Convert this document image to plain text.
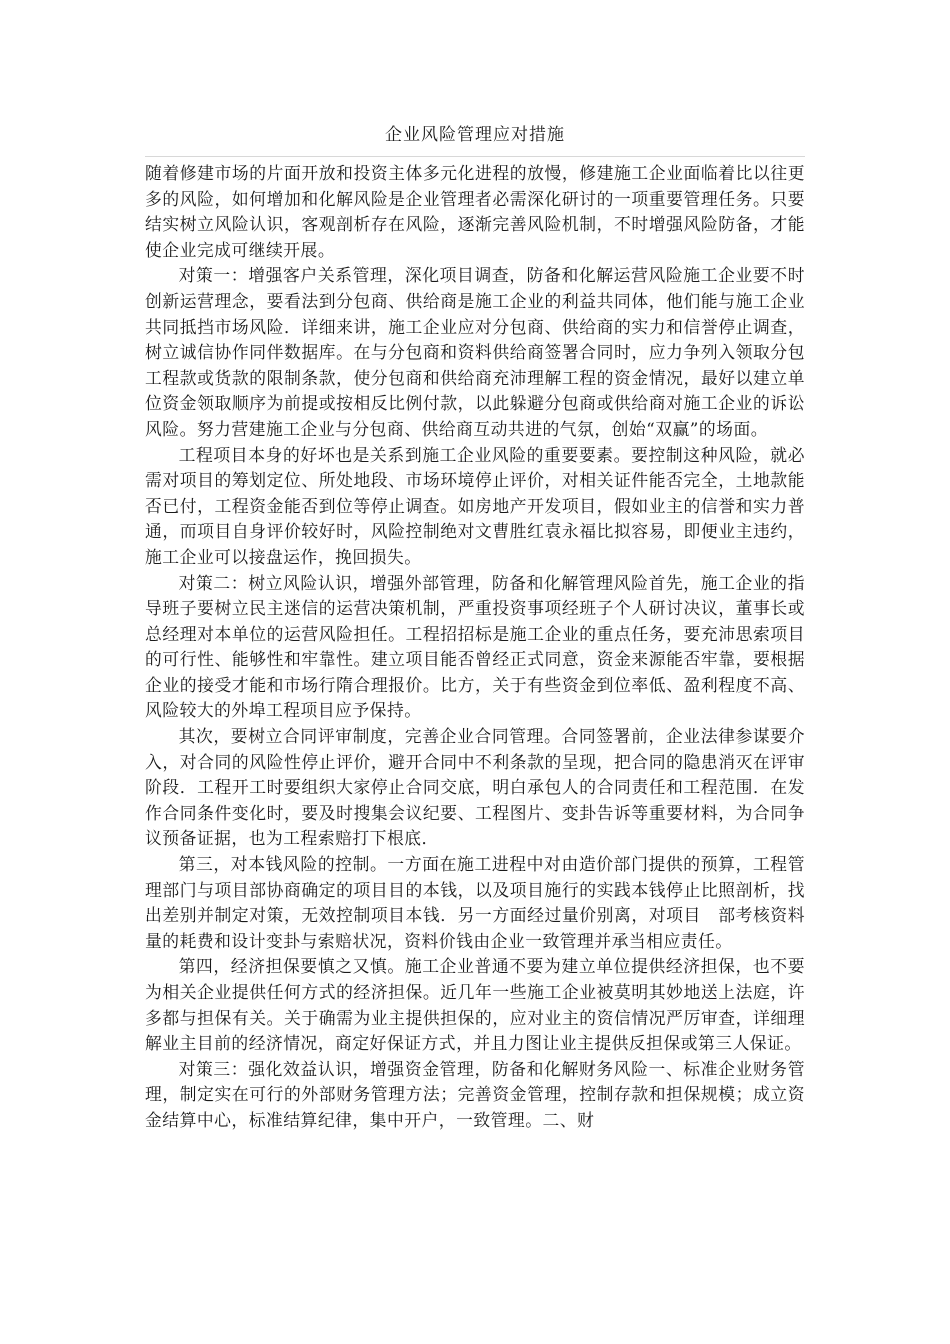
企业风险管理应对措施

随着修建市场的片面开放和投资主体多元化进程的放慢，修建施工企业面临着比以往更多的风险，如何增加和化解风险是企业管理者必需深化研讨的一项重要管理任务。只要结实树立风险认识，客观剖析存在风险，逐渐完善风险机制，不时增强风险防备，才能使企业完成可继续开展。

对策一：增强客户关系管理，深化项目调查，防备和化解运营风险施工企业要不时创新运营理念，要看法到分包商、供给商是施工企业的利益共同体，他们能与施工企业共同抵挡市场风险．详细来讲，施工企业应对分包商、供给商的实力和信誉停止调查，树立诚信协作同伴数据库。在与分包商和资料供给商签署合同时，应力争列入领取分包工程款或货款的限制条款，使分包商和供给商充沛理解工程的资金情况，最好以建立单位资金领取顺序为前提或按相反比例付款，以此躲避分包商或供给商对施工企业的诉讼风险。努力营建施工企业与分包商、供给商互动共进的气氛，创始“双赢”的场面。

工程项目本身的好坏也是关系到施工企业风险的重要要素。要控制这种风险，就必需对项目的筹划定位、所处地段、市场环境停止评价，对相关证件能否完全，土地款能否已付，工程资金能否到位等停止调查。如房地产开发项目，假如业主的信誉和实力普通，而项目自身评价较好时，风险控制绝对文曹胜红袁永福比拟容易，即便业主违约，施工企业可以接盘运作，挽回损失。

对策二：树立风险认识，增强外部管理，防备和化解管理风险首先，施工企业的指导班子要树立民主迷信的运营决策机制，严重投资事项经班子个人研讨决议，董事长或总经理对本单位的运营风险担任。工程招招标是施工企业的重点任务，要充沛思索项目的可行性、能够性和牢靠性。建立项目能否曾经正式同意，资金来源能否牢靠，要根据企业的接受才能和市场行隋合理报价。比方，关于有些资金到位率低、盈利程度不高、风险较大的外埠工程项目应予保持。

其次，要树立合同评审制度，完善企业合同管理。合同签署前，企业法律参谋要介入，对合同的风险性停止评价，避开合同中不利条款的呈现，把合同的隐患消灭在评审阶段．工程开工时要组织大家停止合同交底，明白承包人的合同责任和工程范围．在发作合同条件变化时，要及时搜集会议纪要、工程图片、变卦告诉等重要材料，为合同争议预备证据，也为工程索赔打下根底．

第三，对本钱风险的控制。一方面在施工进程中对由造价部门提供的预算，工程管理部门与项目部协商确定的项目目的本钱，以及项目施行的实践本钱停止比照剖析，找出差别并制定对策，无效控制项目本钱．另一方面经过量价别离，对项目　部考核资料量的耗费和设计变卦与索赔状况，资料价钱由企业一致管理并承当相应责任。

第四，经济担保要慎之又慎。施工企业普通不要为建立单位提供经济担保，也不要为相关企业提供任何方式的经济担保。近几年一些施工企业被莫明其妙地送上法庭，许多都与担保有关。关于确需为业主提供担保的，应对业主的资信情况严厉审查，详细理解业主目前的经济情况，商定好保证方式，并且力图让业主提供反担保或第三人保证。

对策三：强化效益认识，增强资金管理，防备和化解财务风险一、标准企业财务管理，制定实在可行的外部财务管理方法；完善资金管理，控制存款和担保规模；成立资金结算中心，标准结算纪律，集中开户，一致管理。二、财
